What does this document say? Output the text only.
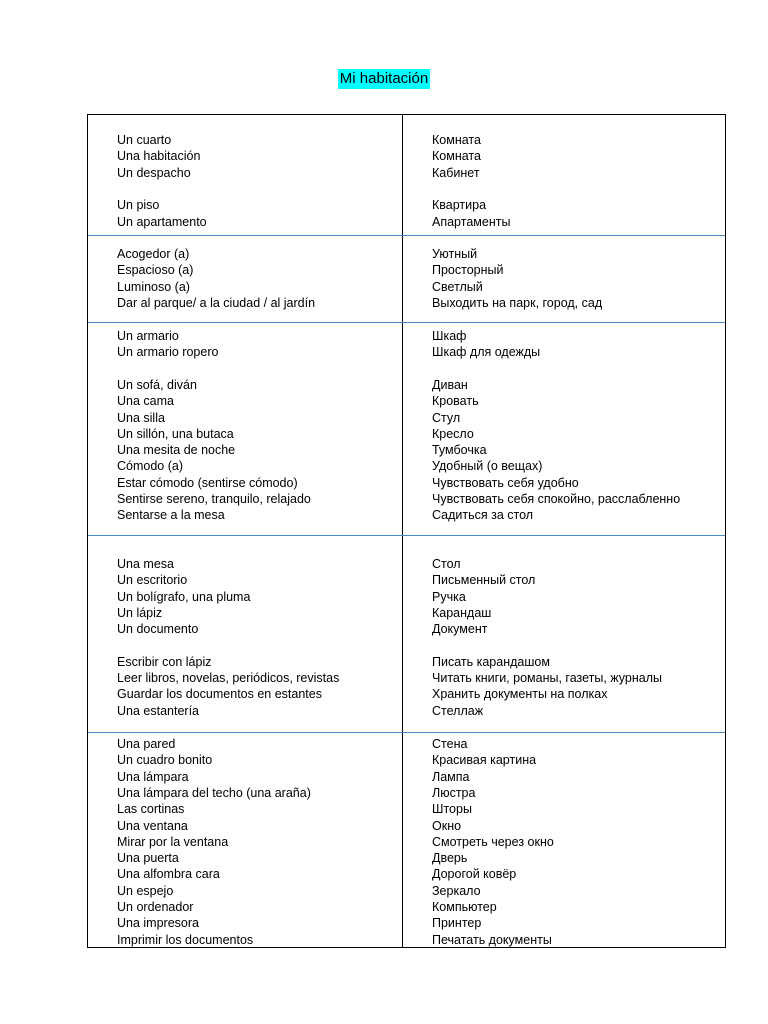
Mi habitación
Un cuarto	Комната
Una habitación	Комната
Un despacho	Кабинет
Un piso	Квартира
Un apartamento	Апартаменты
Acogedor (a)	Уютный
Espacioso (a)	Просторный
Luminoso (a)	Светлый
Dar al parque/ a la ciudad / al jardín	Выходить на парк, город, сад
Un armario	Шкаф
Un armario ropero	Шкаф для одежды
Un sofá, diván	Диван
Una cama	Кровать
Una silla	Стул
Un sillón, una butaca	Кресло
Una mesita de noche	Тумбочка
Cómodo (a)	Удобный (о вещах)
Estar cómodo (sentirse cómodo)	Чувствовать себя удобно
Sentirse sereno, tranquilo, relajado	Чувствовать себя спокойно, расслабленно
Sentarse a la mesa	Садиться за стол
Una mesa	Стол
Un escritorio	Письменный стол
Un bolígrafo, una pluma	Ручка
Un lápiz	Карандаш
Un documento	Документ
Escribir con lápiz	Писать карандашом
Leer libros, novelas, periódicos, revistas	Читать книги, романы, газеты, журналы
Guardar los documentos en estantes	Хранить документы на полках
Una estantería	Стеллаж
Una pared	Стена
Un cuadro bonito	Красивая картина
Una lámpara	Лампа
Una lámpara del techo (una araña)	Люстра
Las cortinas	Шторы
Una ventana	Окно
Mirar por la ventana	Смотреть через окно
Una puerta	Дверь
Una alfombra cara	Дорогой ковёр
Un espejo	Зеркало
Un ordenador	Компьютер
Una impresora	Принтер
Imprimir los documentos	Печатать документы
